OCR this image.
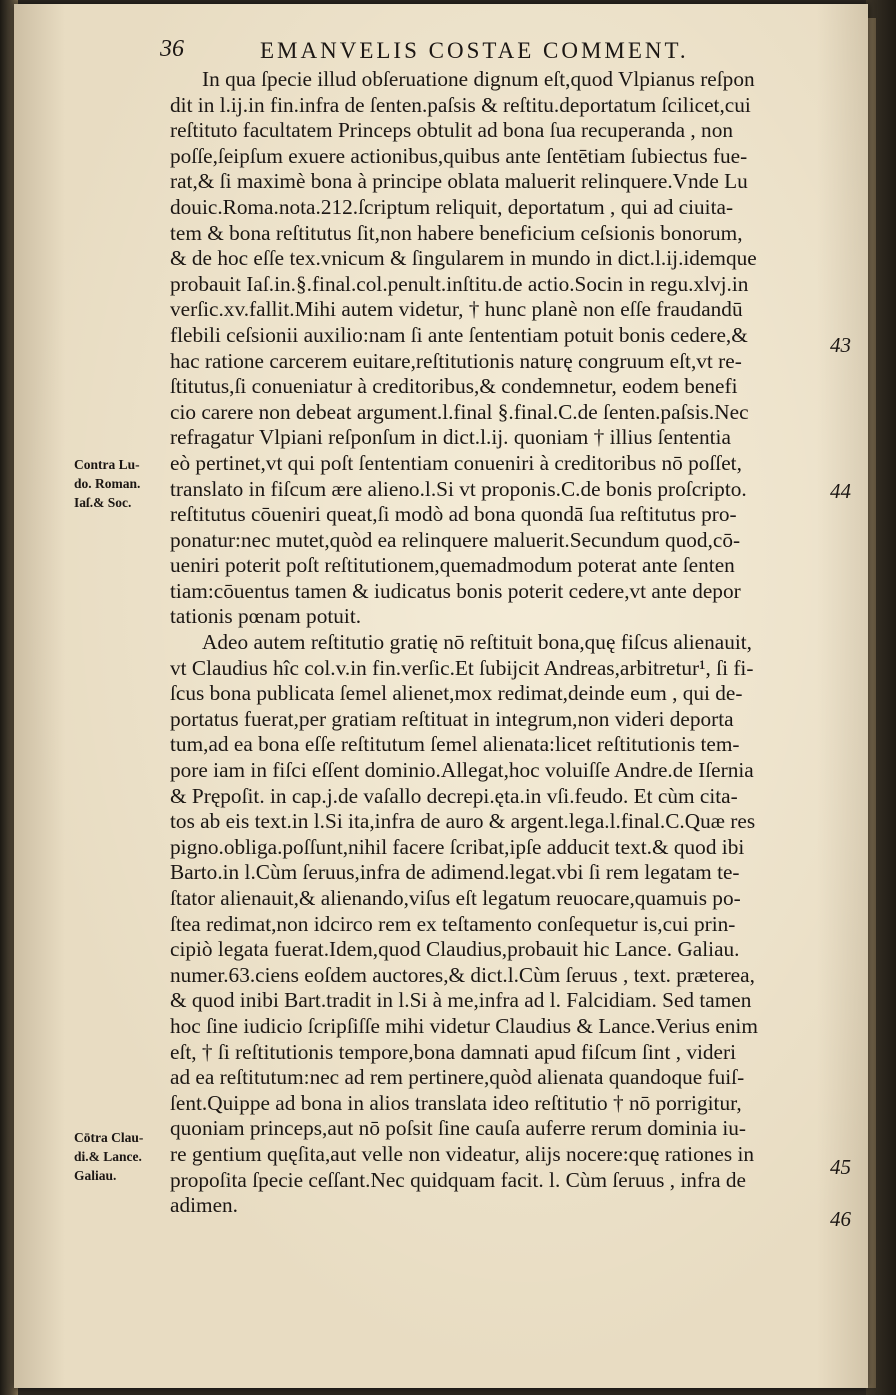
36	EMANVELIS COSTAE COMMENT.
In qua ſpecie illud obſeruatione dignum eſt,quod Vlpianus reſpon
dit in l.ij.in fin.infra de ſenten.paſsis & reſtitu.deportatum ſcilicet,cui
reſtituto facultatem Princeps obtulit ad bona ſua recuperanda , non
poſſe,ſeipſum exuere actionibus,quibus ante ſentētiam ſubiectus fue-
rat,& ſi maximè bona à principe oblata maluerit relinquere.Vnde Lu
douic.Roma.nota.212.ſcriptum reliquit, deportatum , qui ad ciuita-
tem & bona reſtitutus ſit,non habere beneficium ceſsionis bonorum,
& de hoc eſſe tex.vnicum & ſingularem in mundo in dict.l.ij.idemque
probauit Iaſ.in.§.final.col.penult.inſtitu.de actio.Socin in regu.xlvj.in
verſic.xv.fallit.Mihi autem videtur, † hunc planè non eſſe fraudandū
flebili ceſsionii auxilio:nam ſi ante ſententiam potuit bonis cedere,&
hac ratione carcerem euitare,reſtitutionis naturę congruum eſt,vt re-
ſtitutus,ſi conueniatur à creditoribus,& condemnetur, eodem benefi
cio carere non debeat argument.l.final §.final.C.de ſenten.paſsis.Nec
refragatur Vlpiani reſponſum in dict.l.ij. quoniam † illius ſententia
eò pertinet,vt qui poſt ſententiam conueniri à creditoribus nō poſſet,
translato in fiſcum ære alieno.l.Si vt proponis.C.de bonis proſcripto.
reſtitutus cōueniri queat,ſi modò ad bona quondā ſua reſtitutus pro-
ponatur:nec mutet,quòd ea relinquere maluerit.Secundum quod,cō-
ueniri poterit poſt reſtitutionem,quemadmodum poterat ante ſenten
tiam:cōuentus tamen & iudicatus bonis poterit cedere,vt ante depor
tationis pœnam potuit.
Adeo autem reſtitutio gratię nō reſtituit bona,quę fiſcus alienauit,
vt Claudius hîc col.v.in fin.verſic.Et ſubijcit Andreas,arbitretur¹, ſi fi-
ſcus bona publicata ſemel alienet,mox redimat,deinde eum , qui de-
portatus fuerat,per gratiam reſtituat in integrum,non videri deporta
tum,ad ea bona eſſe reſtitutum ſemel alienata:licet reſtitutionis tem-
pore iam in fiſci eſſent dominio.Allegat,hoc voluiſſe Andre.de Iſernia
& Prępoſit. in cap.j.de vaſallo decrepi.ęta.in vſi.feudo. Et cùm cita-
tos ab eis text.in l.Si ita,infra de auro & argent.lega.l.final.C.Quæ res
pigno.obliga.poſſunt,nihil facere ſcribat,ipſe adducit text.& quod ibi
Barto.in l.Cùm ſeruus,infra de adimend.legat.vbi ſi rem legatam te-
ſtator alienauit,& alienando,viſus eſt legatum reuocare,quamuis po-
ſtea redimat,non idcirco rem ex teſtamento conſequetur is,cui prin-
cipiò legata fuerat.Idem,quod Claudius,probauit hic Lance. Galiau.
numer.63.ciens eoſdem auctores,& dict.l.Cùm ſeruus , text. præterea,
& quod inibi Bart.tradit in l.Si à me,infra ad l. Falcidiam. Sed tamen
hoc ſine iudicio ſcripſiſſe mihi videtur Claudius & Lance.Verius enim
eſt, † ſi reſtitutionis tempore,bona damnati apud fiſcum ſint , videri
ad ea reſtitutum:nec ad rem pertinere,quòd alienata quandoque fuiſ-
ſent.Quippe ad bona in alios translata ideo reſtitutio † nō porrigitur,
quoniam princeps,aut nō poſsit ſine cauſa auferre rerum dominia iu-
re gentium quęſita,aut velle non videatur, alijs nocere:quę rationes in
propoſita ſpecie ceſſant.Nec quidquam facit. l. Cùm ſeruus , infra de
adimen.
Contra Lu-
do. Roman.
Iaſ.& Soc.
Cōtra Clau-
di.& Lance.
Galiau.
43
44
45
46
